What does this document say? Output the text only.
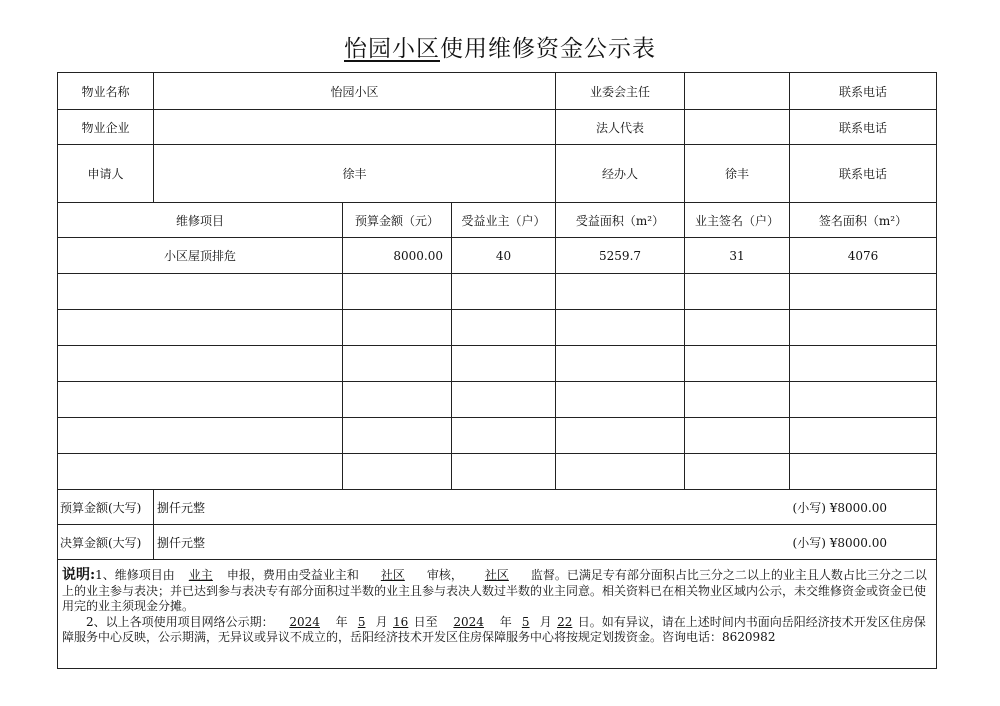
怡园小区使用维修资金公示表
物业名称	怡园小区			业委会主任		联系电话	
物业企业				法人代表		联系电话	
申请人	徐丰			经办人	徐丰	联系电话	
维修项目		预算金额（元）	受益业主（户）	受益面积（m²）	业主签名（户）	签名面积（m²）	
小区屋顶排危		8000.00	40	5259.7	31	4076	

预算金额(大写)	捌仟元整					(小写) ¥8000.00	
决算金额(大写)	捌仟元整					(小写) ¥8000.00	
说明:1、维修项目由 业主 申报，费用由受益业主和 社区 审核， 社区 监督。已满足专有部分面积占比三分之二以上的业主且人数占比三分之二以上的业主参与表决；并已达到参与表决专有部分面积过半数的业主且参与表决人数过半数的业主同意。相关资料已在相关物业区域内公示，未交维修资金或资金已使用完的业主须现金分摊。
2、以上各项使用项目网络公示期： 2024 年 5 月 16 日至 2024 年 5 月 22 日。如有异议，请在上述时间内书面向岳阳经济技术开发区住房保障服务中心反映，公示期满，无异议或异议不成立的，岳阳经济技术开发区住房保障服务中心将按规定划拨资金。咨询电话：8620982							
